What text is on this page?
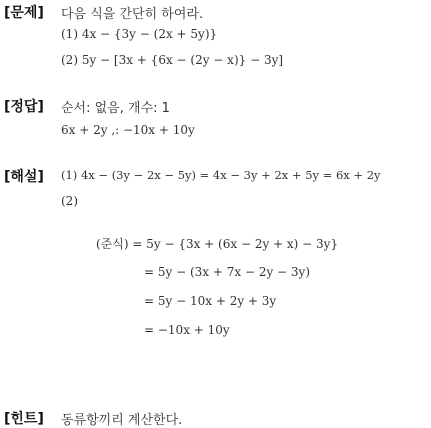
[문제] 다음 식을 간단히 하여라.
(1) 4x − {3y − (2x + 5y)}
(2) 5y − [3x + {6x − (2y − x)} − 3y]
[정답] 순서: 없음, 개수: 1
6x + 2y ,: −10x + 10y
[해설] (1) 4x − (3y − 2x − 5y) = 4x − 3y + 2x + 5y = 6x + 2y
(2)
(준식) = 5y − {3x + (6x − 2y + x) − 3y}
= 5y − (3x + 7x − 2y − 3y)
= 5y − 10x + 2y + 3y
= −10x + 10y
[힌트] 동류항끼리 계산한다.
